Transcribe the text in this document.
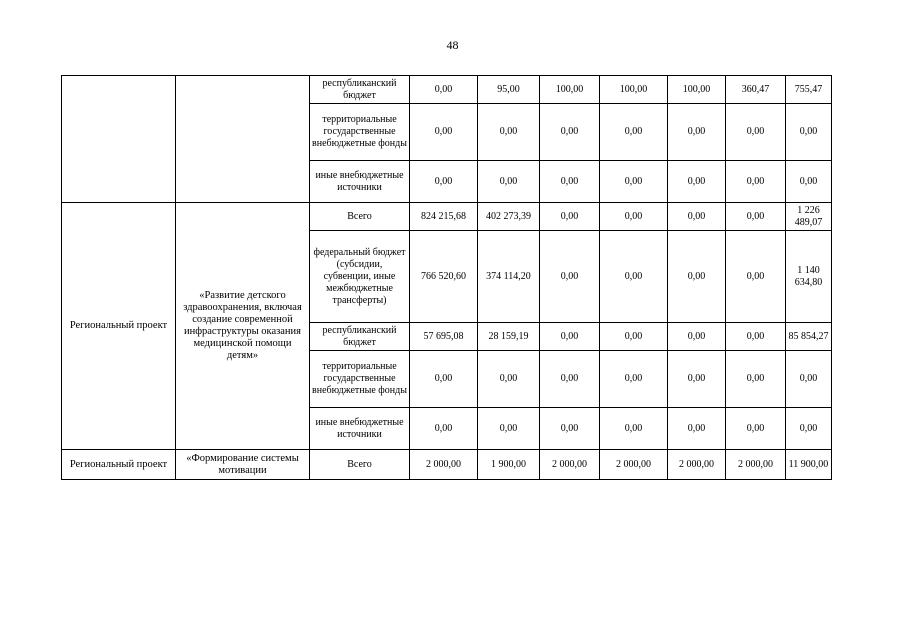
48
		республиканский бюджет	0,00	95,00	100,00	100,00	100,00	360,47	755,47
		территориальные государственные внебюджетные фонды	0,00	0,00	0,00	0,00	0,00	0,00	0,00
		иные внебюджетные источники	0,00	0,00	0,00	0,00	0,00	0,00	0,00
Региональный проект	«Развитие детского здравоохранения, включая создание современной инфраструктуры оказания медицинской помощи детям»	Всего	824 215,68	402 273,39	0,00	0,00	0,00	0,00	1 226 489,07
		федеральный бюджет (субсидии, субвенции, иные межбюджетные трансферты)	766 520,60	374 114,20	0,00	0,00	0,00	0,00	1 140 634,80
		республиканский бюджет	57 695,08	28 159,19	0,00	0,00	0,00	0,00	85 854,27
		территориальные государственные внебюджетные фонды	0,00	0,00	0,00	0,00	0,00	0,00	0,00
		иные внебюджетные источники	0,00	0,00	0,00	0,00	0,00	0,00	0,00
Региональный проект	«Формирование системы мотивации	Всего	2 000,00	1 900,00	2 000,00	2 000,00	2 000,00	2 000,00	11 900,00
